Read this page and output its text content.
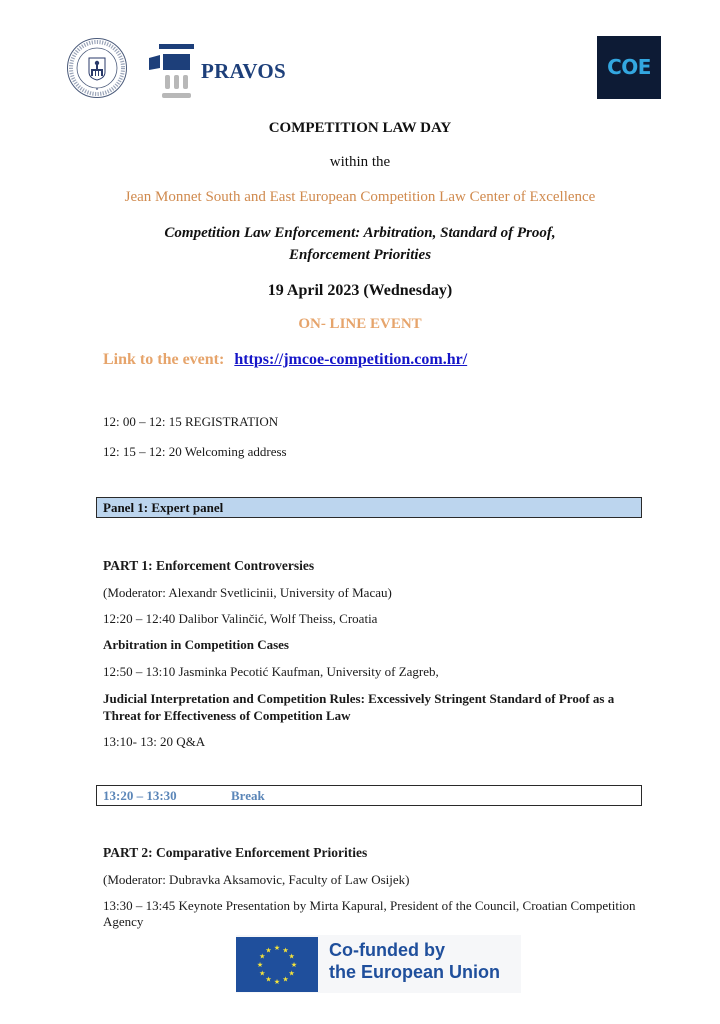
PRAVOS	COE
COMPETITION LAW DAY
within the
Jean Monnet South and East European Competition Law Center of Excellence
Competition Law Enforcement: Arbitration, Standard of Proof,
Enforcement Priorities
19 April 2023 (Wednesday)
ON- LINE EVENT
Link to the event: https://jmcoe-competition.com.hr/
12: 00 – 12: 15 REGISTRATION
12: 15 – 12: 20 Welcoming address
Panel 1: Expert panel
PART 1: Enforcement Controversies
(Moderator: Alexandr Svetlicinii, University of Macau)
12:20 – 12:40 Dalibor Valinčić, Wolf Theiss, Croatia
Arbitration in Competition Cases
12:50 – 13:10 Jasminka Pecotić Kaufman, University of Zagreb,
Judicial Interpretation and Competition Rules: Excessively Stringent Standard of Proof as a Threat for Effectiveness of Competition Law
13:10- 13: 20 Q&A
13:20 – 13:30	Break
PART 2: Comparative Enforcement Priorities
(Moderator: Dubravka Aksamovic, Faculty of Law Osijek)
13:30 – 13:45 Keynote Presentation by Mirta Kapural, President of the Council, Croatian Competition Agency
★ ★
★
★
★
★
★
★
★
★
★
★	Co-funded by
the European Union
